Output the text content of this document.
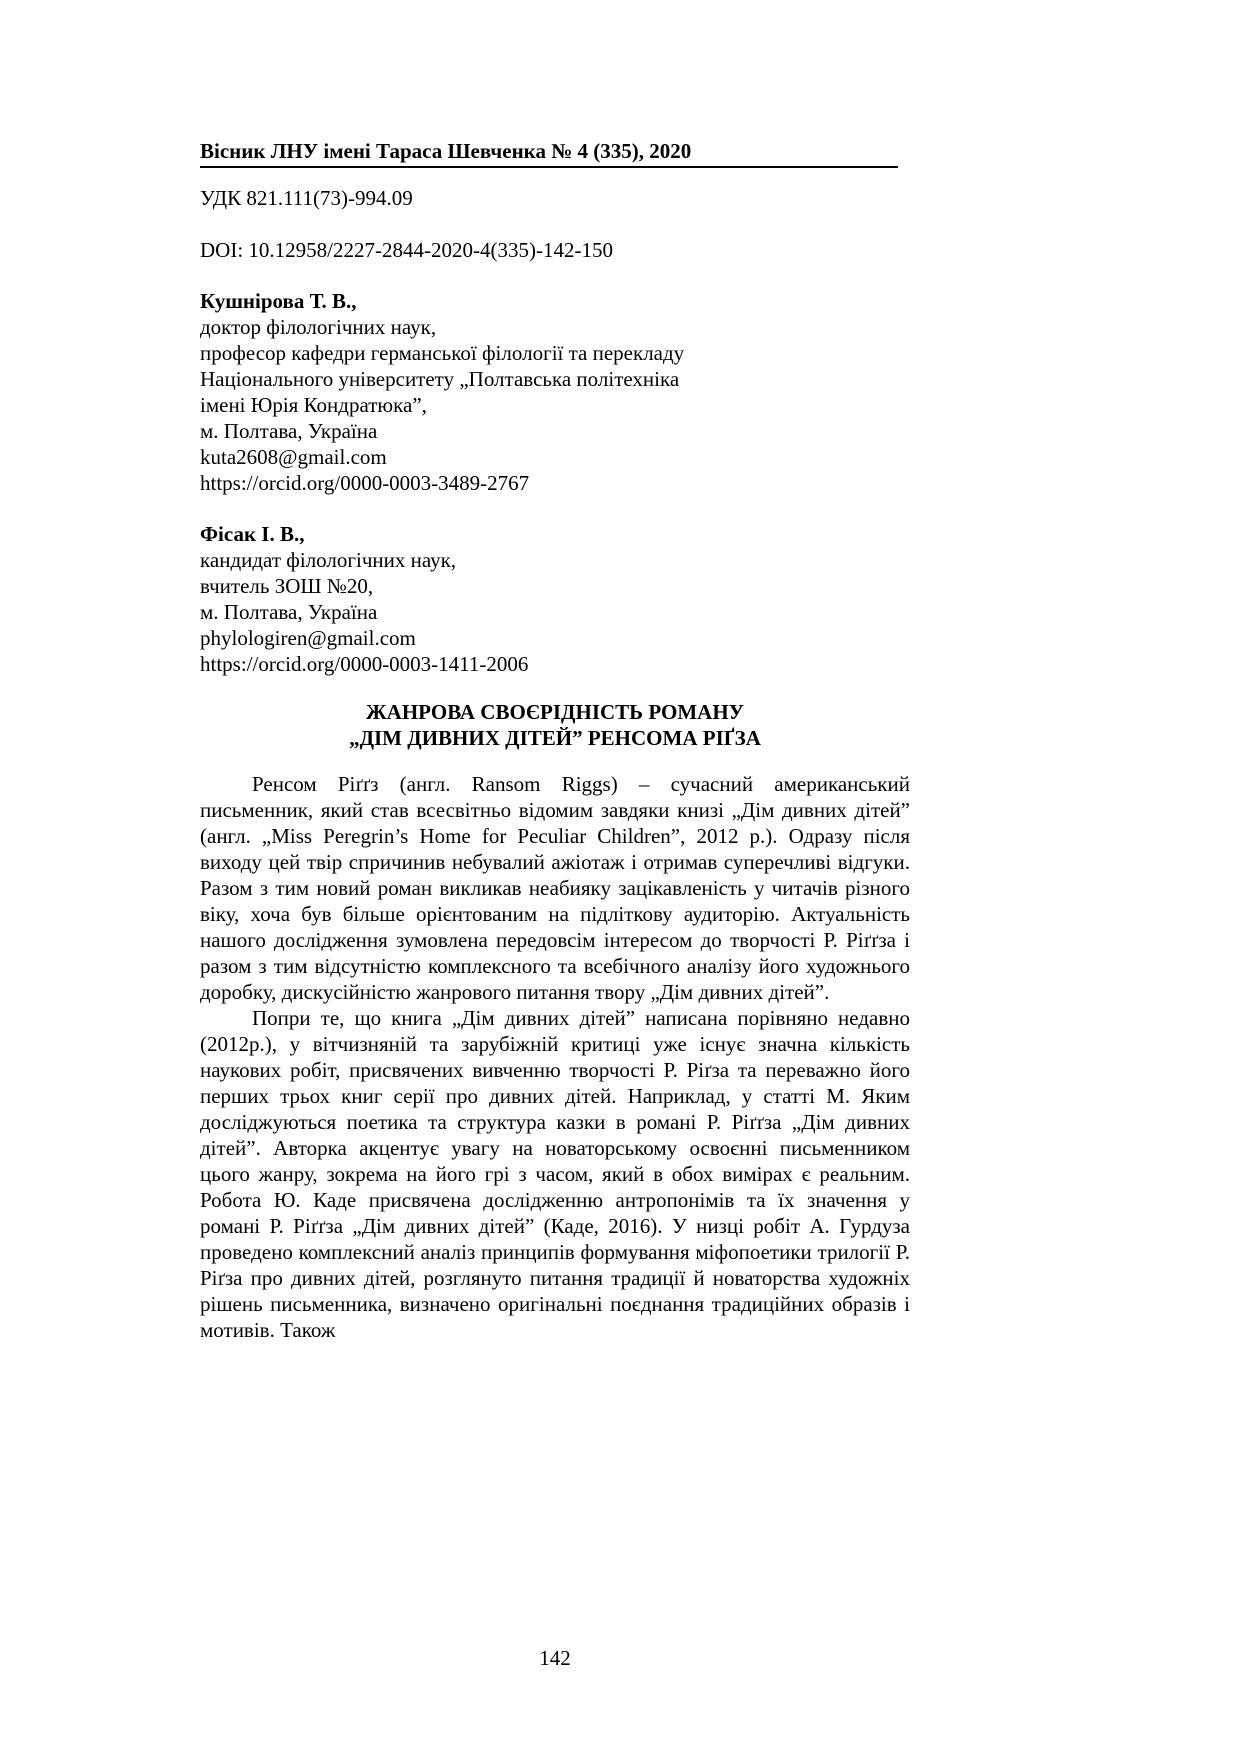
Вісник ЛНУ імені Тараса Шевченка № 4 (335), 2020
УДК 821.111(73)-994.09
DOI: 10.12958/2227-2844-2020-4(335)-142-150
Кушнірова Т. В.,
доктор філологічних наук,
професор кафедри германської філології та перекладу
Національного університету „Полтавська політехніка
імені Юрія Кондратюка”,
м. Полтава, Україна
kuta2608@gmail.com
https://orcid.org/0000-0003-3489-2767
Фісак І. В.,
кандидат філологічних наук,
вчитель ЗОШ №20,
м. Полтава, Україна
phylologiren@gmail.com
https://orcid.org/0000-0003-1411-2006
ЖАНРОВА СВОЄРІДНІСТЬ РОМАНУ
„ДІМ ДИВНИХ ДІТЕЙ” РЕНСОМА РІҐЗА

Ренсом Ріґґз (англ. Ransom Riggs) – сучасний американський письменник, який став всесвітньо відомим завдяки книзі „Дім дивних дітей” (англ. „Miss Peregrin’s Home for Peculiar Children”, 2012 р.). Одразу після виходу цей твір спричинив небувалий ажіотаж і отримав суперечливі відгуки. Разом з тим новий роман викликав неабияку зацікавленість у читачів різного віку, хоча був більше орієнтованим на підліткову аудиторію. Актуальність нашого дослідження зумовлена передовсім інтересом до творчості Р. Ріґґза і разом з тим відсутністю комплексного та всебічного аналізу його художнього доробку, дискусійністю жанрового питання твору „Дім дивних дітей”.

Попри те, що книга „Дім дивних дітей” написана порівняно недавно (2012р.), у вітчизняній та зарубіжній критиці уже існує значна кількість наукових робіт, присвячених вивченню творчості Р. Ріґза та переважно його перших трьох книг серії про дивних дітей. Наприклад, у статті М. Яким досліджуються поетика та структура казки в романі Р. Ріґґза „Дім дивних дітей”. Авторка акцентує увагу на новаторському освоєнні письменником цього жанру, зокрема на його грі з часом, який в обох вимірах є реальним. Робота Ю. Каде присвячена дослідженню антропонімів та їх значення у романі Р. Ріґґза „Дім дивних дітей” (Каде, 2016). У низці робіт А. Гурдуза проведено комплексний аналіз принципів формування міфопоетики трилогії Р. Ріґза про дивних дітей, розглянуто питання традиції й новаторства художніх рішень письменника, визначено оригінальні поєднання традиційних образів і мотивів. Також

142
